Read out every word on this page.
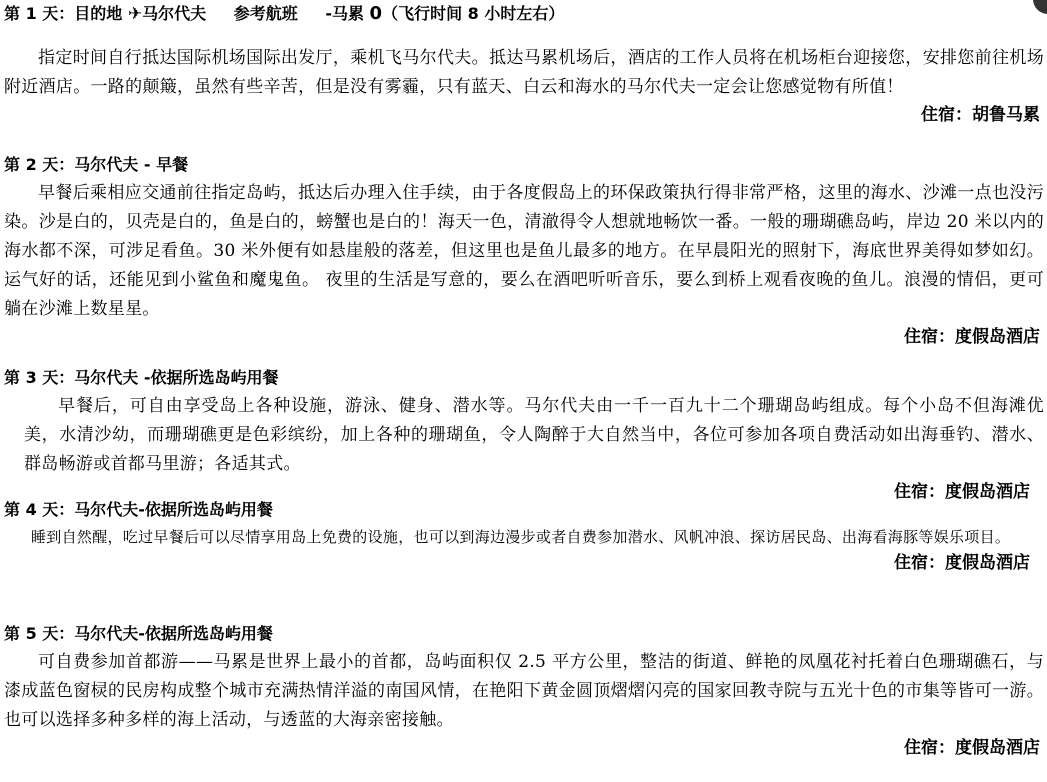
第 1 天：目的地 ✈马尔代夫 参考航班 -马累 0（飞行时间 8 小时左右）

指定时间自行抵达国际机场国际出发厅，乘机飞马尔代夫。抵达马累机场后，酒店的工作人员将在机场柜台迎接您，安排您前往机场附近酒店。一路的颠簸，虽然有些辛苦，但是没有雾霾，只有蓝天、白云和海水的马尔代夫一定会让您感觉物有所值！

住宿：胡鲁马累
第 2 天：马尔代夫 - 早餐

早餐后乘相应交通前往指定岛屿，抵达后办理入住手续，由于各度假岛上的环保政策执行得非常严格，这里的海水、沙滩一点也没污染。沙是白的，贝壳是白的，鱼是白的，螃蟹也是白的！海天一色，清澈得令人想就地畅饮一番。一般的珊瑚礁岛屿，岸边 20 米以内的海水都不深，可涉足看鱼。30 米外便有如悬崖般的落差，但这里也是鱼儿最多的地方。在早晨阳光的照射下，海底世界美得如梦如幻。运气好的话，还能见到小鲨鱼和魔鬼鱼。 夜里的生活是写意的，要么在酒吧听听音乐，要么到桥上观看夜晚的鱼儿。浪漫的情侣，更可躺在沙滩上数星星。

住宿：度假岛酒店
第 3 天：马尔代夫 -依据所选岛屿用餐

早餐后，可自由享受岛上各种设施，游泳、健身、潜水等。马尔代夫由一千一百九十二个珊瑚岛屿组成。每个小岛不但海滩优美，水清沙幼，而珊瑚礁更是色彩缤纷，加上各种的珊瑚鱼，令人陶醉于大自然当中，各位可参加各项自费活动如出海垂钓、潜水、群岛畅游或首都马里游；各适其式。

住宿：度假岛酒店
第 4 天：马尔代夫-依据所选岛屿用餐

睡到自然醒，吃过早餐后可以尽情享用岛上免费的设施，也可以到海边漫步或者自费参加潜水、风帆冲浪、探访居民岛、出海看海豚等娱乐项目。

住宿：度假岛酒店
第 5 天：马尔代夫-依据所选岛屿用餐

可自费参加首都游——马累是世界上最小的首都，岛屿面积仅 2.5 平方公里，整洁的街道、鲜艳的凤凰花衬托着白色珊瑚礁石，与漆成蓝色窗棂的民房构成整个城市充满热情洋溢的南国风情，在艳阳下黄金圆顶熠熠闪亮的国家回教寺院与五光十色的市集等皆可一游。也可以选择多种多样的海上活动，与透蓝的大海亲密接触。

住宿：度假岛酒店
